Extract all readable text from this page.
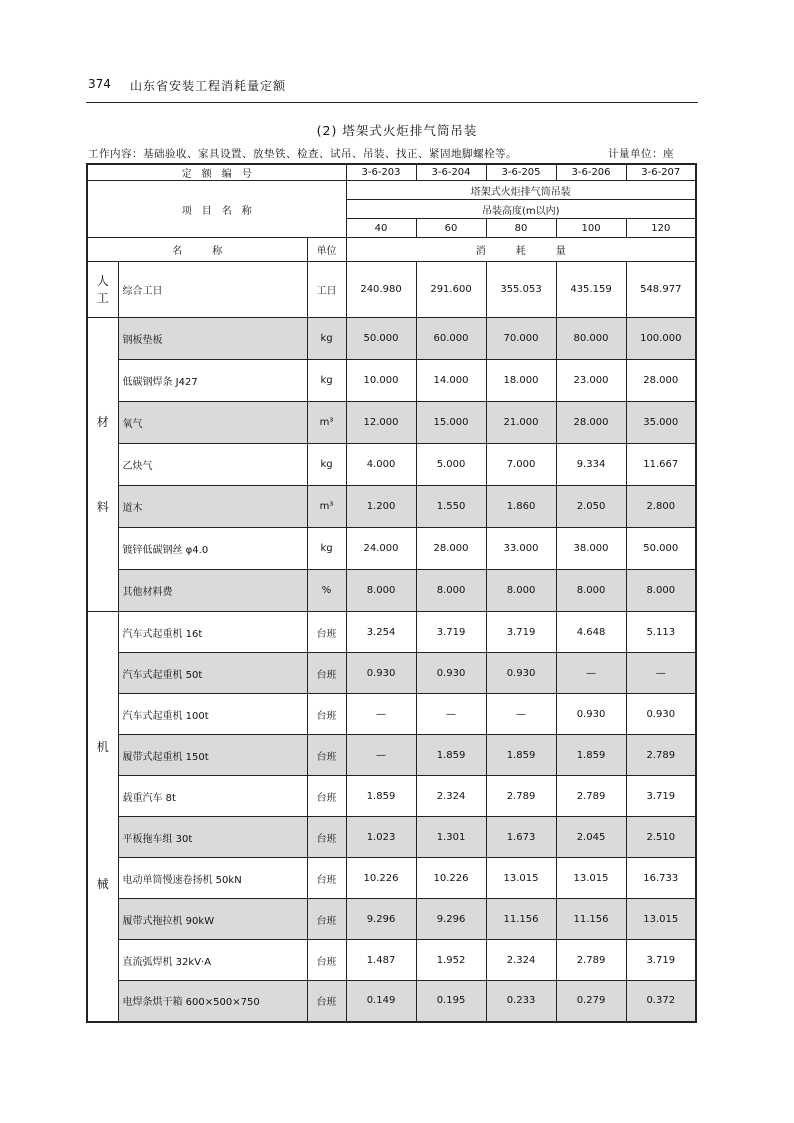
374 山东省安装工程消耗量定额
(2) 塔架式火炬排气筒吊装
工作内容：基础验收、家具设置、放垫铁、检查、试吊、吊装、找正、紧固地脚螺栓等。	计量单位：座
定　额　编　号			3-6-203	3-6-204	3-6-205	3-6-206	3-6-207
项　目　名　称			塔架式火炬排气筒吊装				
			吊装高度(m以内)				
			40	60	80	100	120
名　　　称		单位	消　　　耗　　　量				
人工	综合工日	工日	240.980	291.600	355.053	435.159	548.977

材
料	钢板垫板	kg	50.000	60.000	70.000	80.000	100.000
	低碳钢焊条 J427	kg	10.000	14.000	18.000	23.000	28.000
	氧气	m³	12.000	15.000	21.000	28.000	35.000
	乙炔气	kg	4.000	5.000	7.000	9.334	11.667
	道木	m³	1.200	1.550	1.860	2.050	2.800
	镀锌低碳钢丝 φ4.0	kg	24.000	28.000	33.000	38.000	50.000
	其他材料费	%	8.000	8.000	8.000	8.000	8.000

机
械	汽车式起重机 16t	台班	3.254	3.719	3.719	4.648	5.113
	汽车式起重机 50t	台班	0.930	0.930	0.930	—	—
	汽车式起重机 100t	台班	—	—	—	0.930	0.930
	履带式起重机 150t	台班	—	1.859	1.859	1.859	2.789
	载重汽车 8t	台班	1.859	2.324	2.789	2.789	3.719
	平板拖车组 30t	台班	1.023	1.301	1.673	2.045	2.510
	电动单筒慢速卷扬机 50kN	台班	10.226	10.226	13.015	13.015	16.733
	履带式拖拉机 90kW	台班	9.296	9.296	11.156	11.156	13.015
	直流弧焊机 32kV·A	台班	1.487	1.952	2.324	2.789	3.719
	电焊条烘干箱 600×500×750	台班	0.149	0.195	0.233	0.279	0.372
